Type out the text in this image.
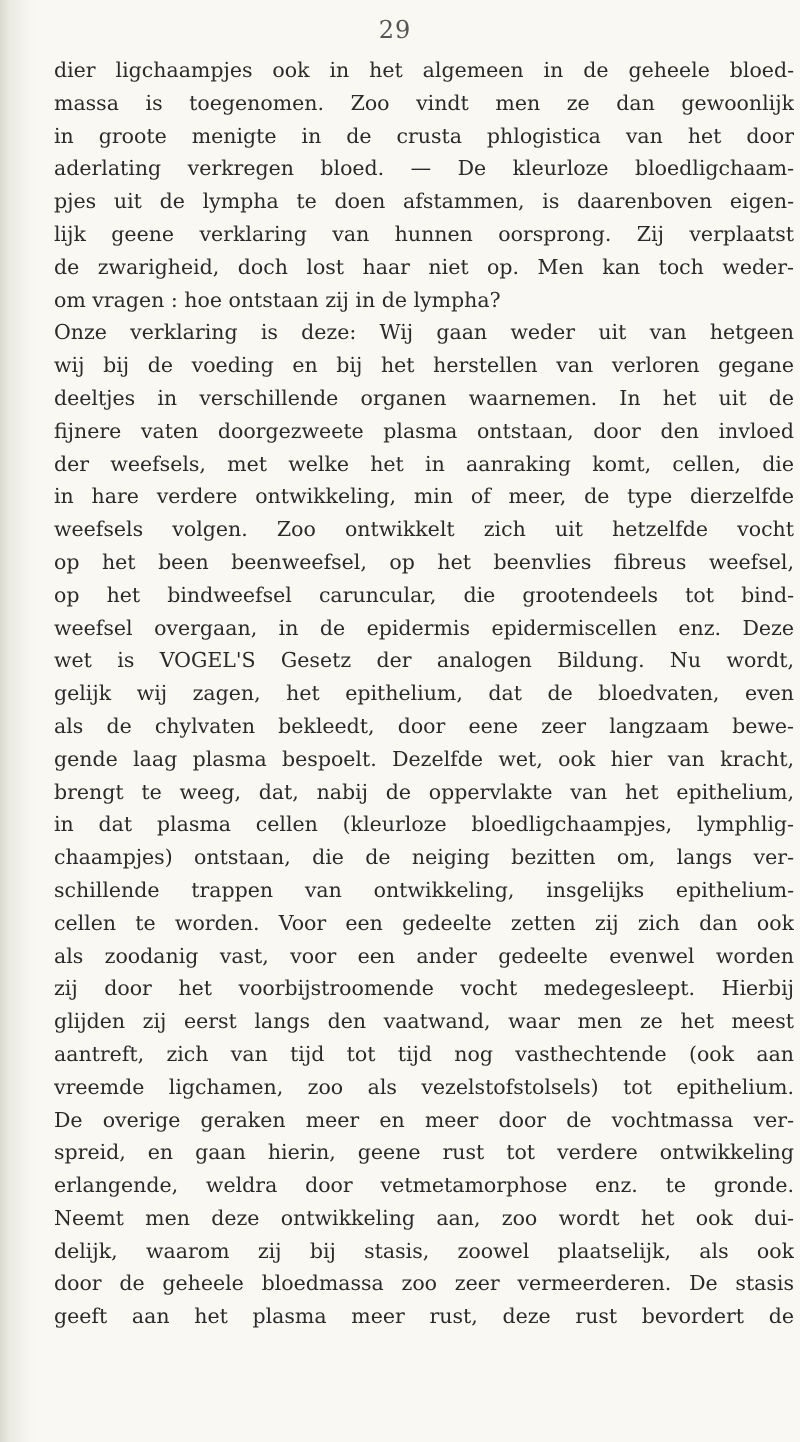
29
dier ligchaampjes ook in het algemeen in de geheele bloed-
massa is toegenomen. Zoo vindt men ze dan gewoonlijk
in groote menigte in de crusta phlogistica van het door
aderlating verkregen bloed. — De kleurloze bloedligchaam-
pjes uit de lympha te doen afstammen, is daarenboven eigen-
lijk geene verklaring van hunnen oorsprong. Zij verplaatst
de zwarigheid, doch lost haar niet op. Men kan toch weder-
om vragen : hoe ontstaan zij in de lympha?
Onze verklaring is deze: Wij gaan weder uit van hetgeen
wij bij de voeding en bij het herstellen van verloren gegane
deeltjes in verschillende organen waarnemen. In het uit de
fijnere vaten doorgezweete plasma ontstaan, door den invloed
der weefsels, met welke het in aanraking komt, cellen, die
in hare verdere ontwikkeling, min of meer, de type dierzelfde
weefsels volgen. Zoo ontwikkelt zich uit hetzelfde vocht
op het been beenweefsel, op het beenvlies fibreus weefsel,
op het bindweefsel caruncular, die grootendeels tot bind-
weefsel overgaan, in de epidermis epidermiscellen enz. Deze
wet is VOGEL'S Gesetz der analogen Bildung. Nu wordt,
gelijk wij zagen, het epithelium, dat de bloedvaten, even
als de chylvaten bekleedt, door eene zeer langzaam bewe-
gende laag plasma bespoelt. Dezelfde wet, ook hier van kracht,
brengt te weeg, dat, nabij de oppervlakte van het epithelium,
in dat plasma cellen (kleurloze bloedligchaampjes, lymphlig-
chaampjes) ontstaan, die de neiging bezitten om, langs ver-
schillende trappen van ontwikkeling, insgelijks epithelium-
cellen te worden. Voor een gedeelte zetten zij zich dan ook
als zoodanig vast, voor een ander gedeelte evenwel worden
zij door het voorbijstroomende vocht medegesleept. Hierbij
glijden zij eerst langs den vaatwand, waar men ze het meest
aantreft, zich van tijd tot tijd nog vasthechtende (ook aan
vreemde ligchamen, zoo als vezelstofstolsels) tot epithelium.
De overige geraken meer en meer door de vochtmassa ver-
spreid, en gaan hierin, geene rust tot verdere ontwikkeling
erlangende, weldra door vetmetamorphose enz. te gronde.
Neemt men deze ontwikkeling aan, zoo wordt het ook dui-
delijk, waarom zij bij stasis, zoowel plaatselijk, als ook
door de geheele bloedmassa zoo zeer vermeerderen. De stasis
geeft aan het plasma meer rust, deze rust bevordert de
